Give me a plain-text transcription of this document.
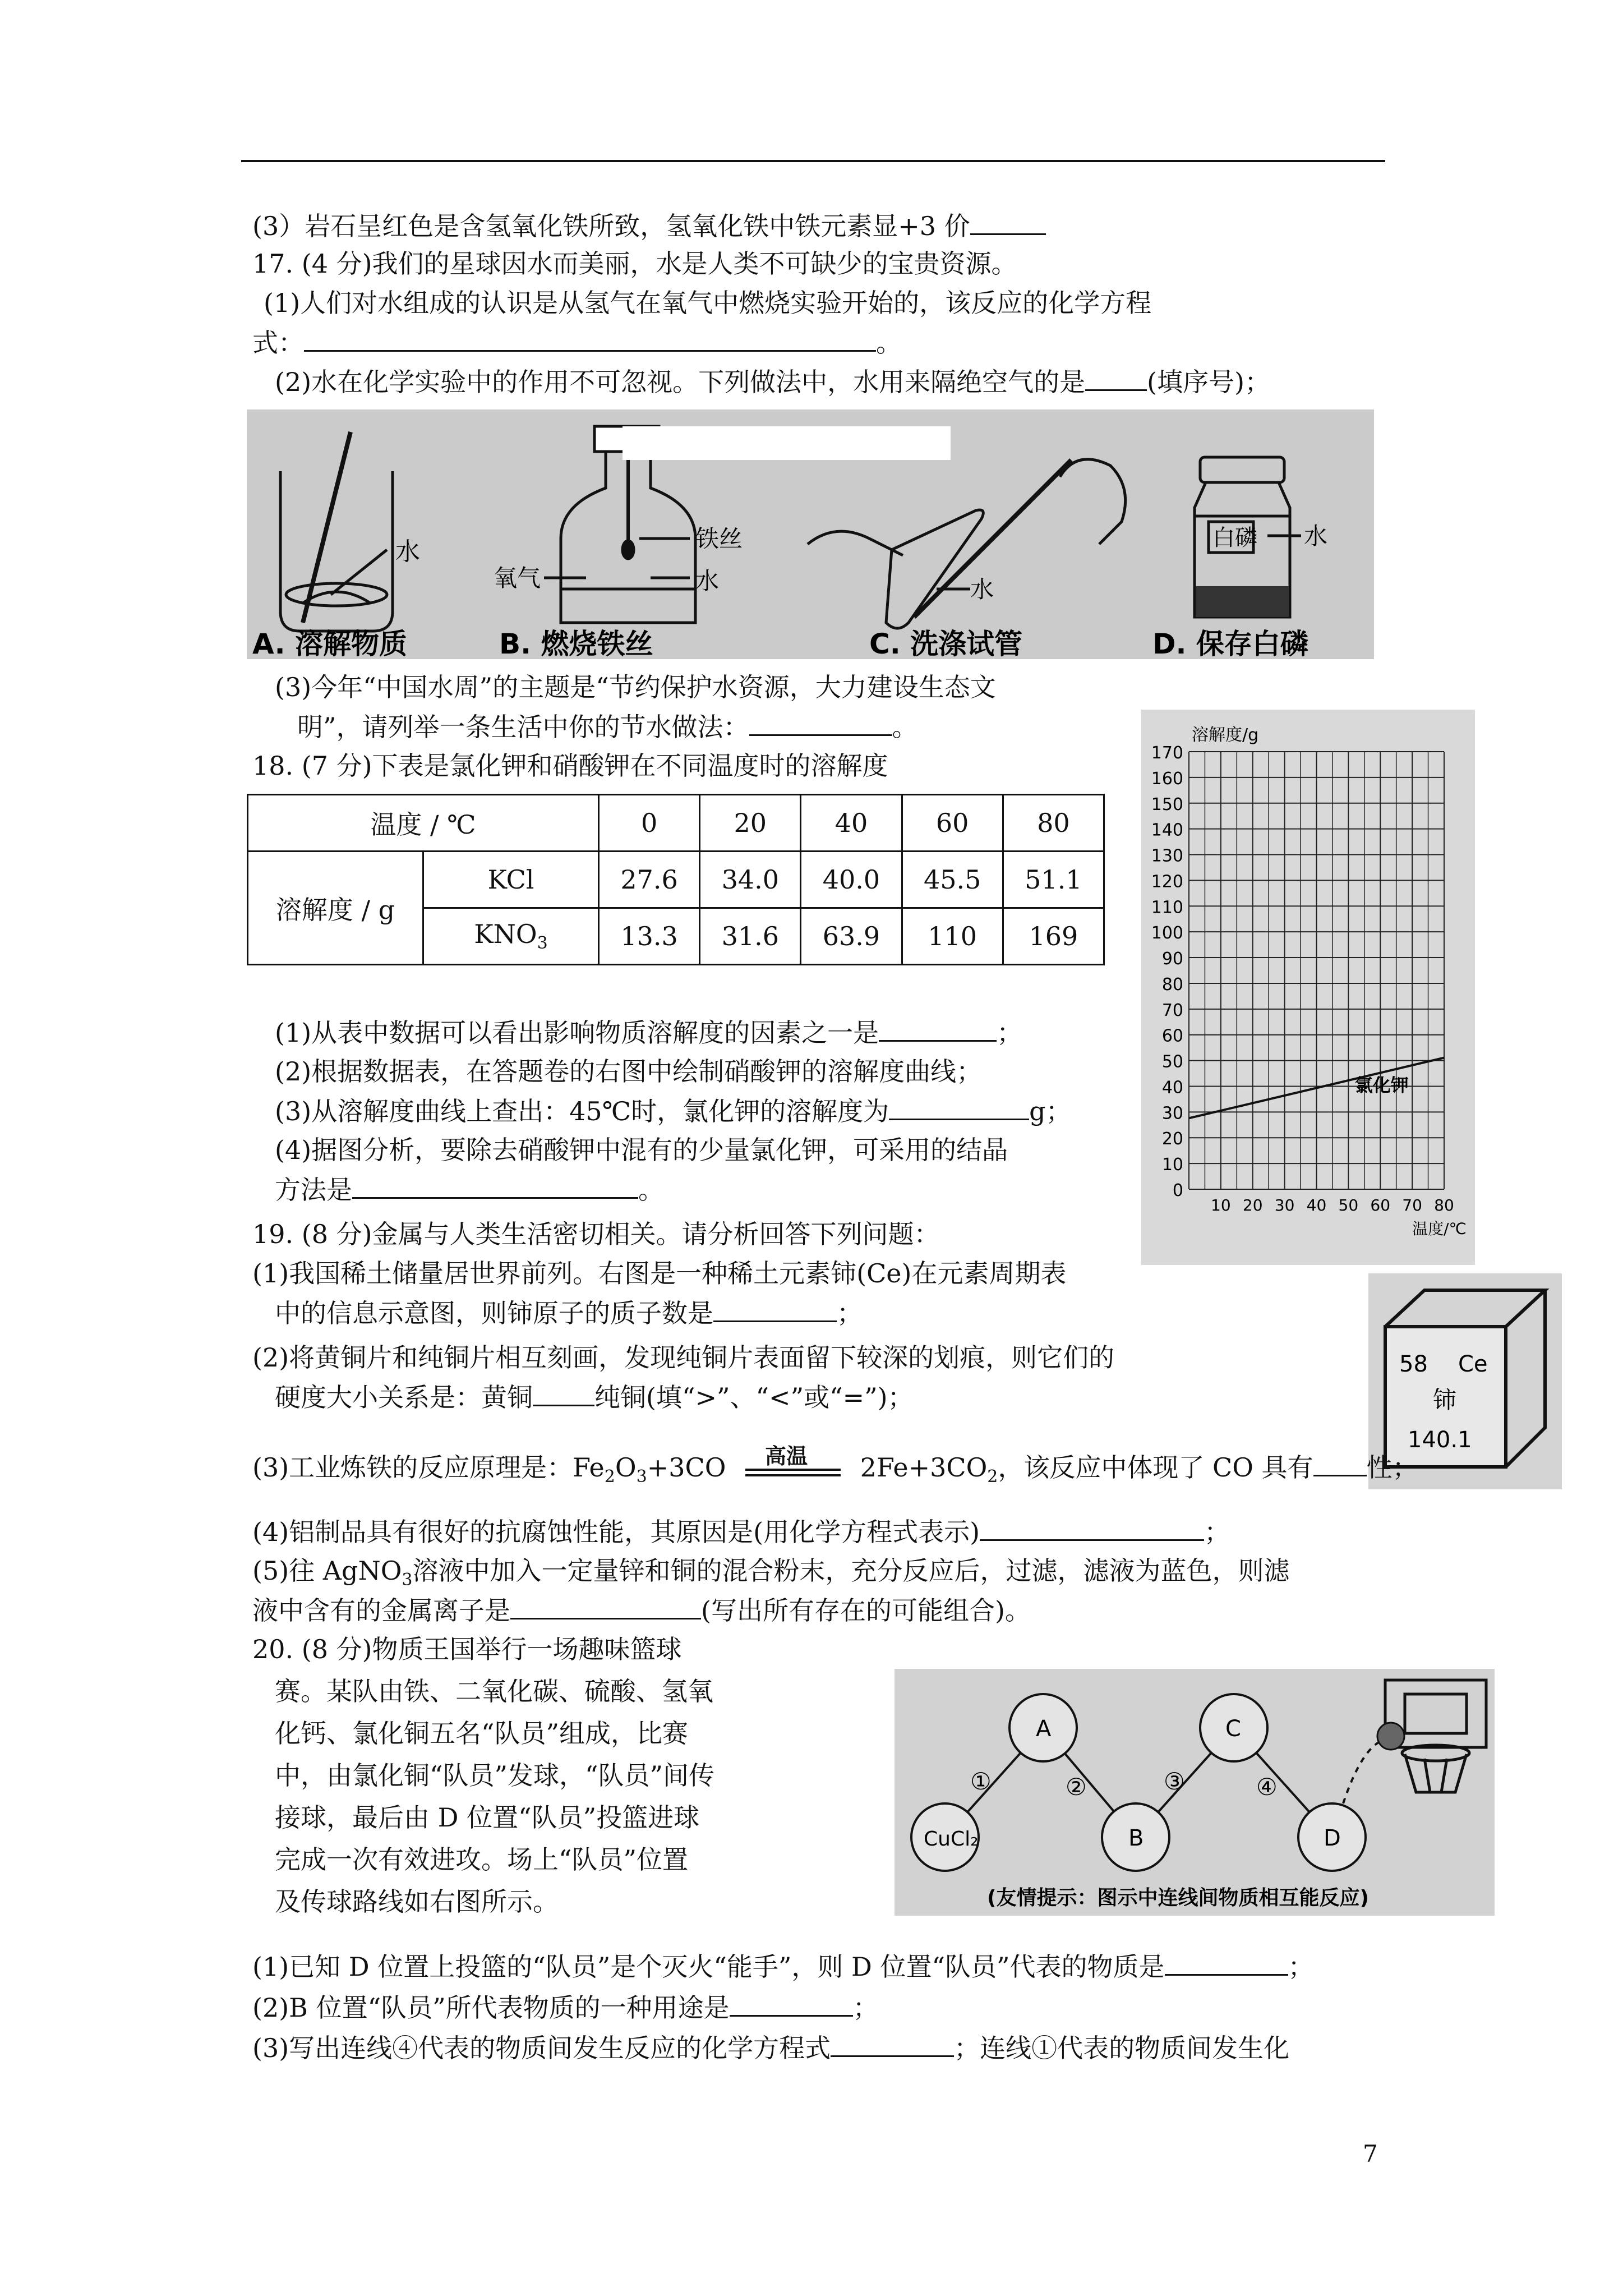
(3）岩石呈红色是含氢氧化铁所致，氢氧化铁中铁元素显+3 价
17. (4 分)我们的星球因水而美丽，水是人类不可缺少的宝贵资源。
(1)人们对水组成的认识是从氢气在氧气中燃烧实验开始的，该反应的化学方程
式：	。
(2)水在化学实验中的作用不可忽视。下列做法中，水用来隔绝空气的是 (填序号)；
水
A. 溶解物质
铁丝
水
氧气
B. 燃烧铁丝
水
C. 洗涤试管
白磷 水
D. 保存白磷
(3)今年“中国水周”的主题是“节约保护水资源，大力建设生态文
明”，请列举一条生活中你的节水做法：	。
18. (7 分)下表是氯化钾和硝酸钾在不同温度时的溶解度
温度 / ℃		0	20	40	60	80
溶解度 / g	KCl	27.6	34.0	40.0	45.5	51.1
	$KNO_3$	13.3	31.6	63.9	110	169
(1)从表中数据可以看出影响物质溶解度的因素之一是	；
(2)根据数据表，在答题卷的右图中绘制硝酸钾的溶解度曲线；
(3)从溶解度曲线上查出：45℃时，氯化钾的溶解度为	g；
(4)据图分析，要除去硝酸钾中混有的少量氯化钾，可采用的结晶
方法是	。	0
10
20
30
40
50
60
70
80
90
100
110
120
130
140
150
160
170
10 20 30 40 50 60 70 80
溶解度/g
温度/℃
氯化钾
19. (8 分)金属与人类生活密切相关。请分析回答下列问题：
(1)我国稀土储量居世界前列。右图是一种稀土元素铈(Ce)在元素周期表
中的信息示意图，则铈原子的质子数是	；
(2)将黄铜片和纯铜片相互刻画，发现纯铜片表面留下较深的划痕，则它们的
硬度大小关系是：黄铜 纯铜(填“>”、“<”或“=”)；
58 Ce
铈
140.1
(3)工业炼铁的反应原理是：$Fe_2O_3+3CO$ 高温 $2Fe+3CO_2$，该反应中体现了 CO 具有 性；
(4)铝制品具有很好的抗腐蚀性能，其原因是(用化学方程式表示)	；
(5)往 AgNO$_3$溶液中加入一定量锌和铜的混合粉末，充分反应后，过滤，滤液为蓝色，则滤
液中含有的金属离子是	(写出所有存在的可能组合)。
20. (8 分)物质王国举行一场趣味篮球
赛。某队由铁、二氧化碳、硫酸、氢氧
化钙、氯化铜五名“队员”组成，比赛
中，由氯化铜“队员”发球，“队员”间传
接球，最后由 D 位置“队员”投篮进球
完成一次有效进攻。场上“队员”位置
及传球路线如右图所示。
CuCl₂
A
B
C
D
①	②	③	④
(友情提示：图示中连线间物质相互能反应)
(1)已知 D 位置上投篮的“队员”是个灭火“能手”，则 D 位置“队员”代表的物质是	；
(2)B 位置“队员”所代表物质的一种用途是	；
(3)写出连线④代表的物质间发生反应的化学方程式	；连线①代表的物质间发生化
7
